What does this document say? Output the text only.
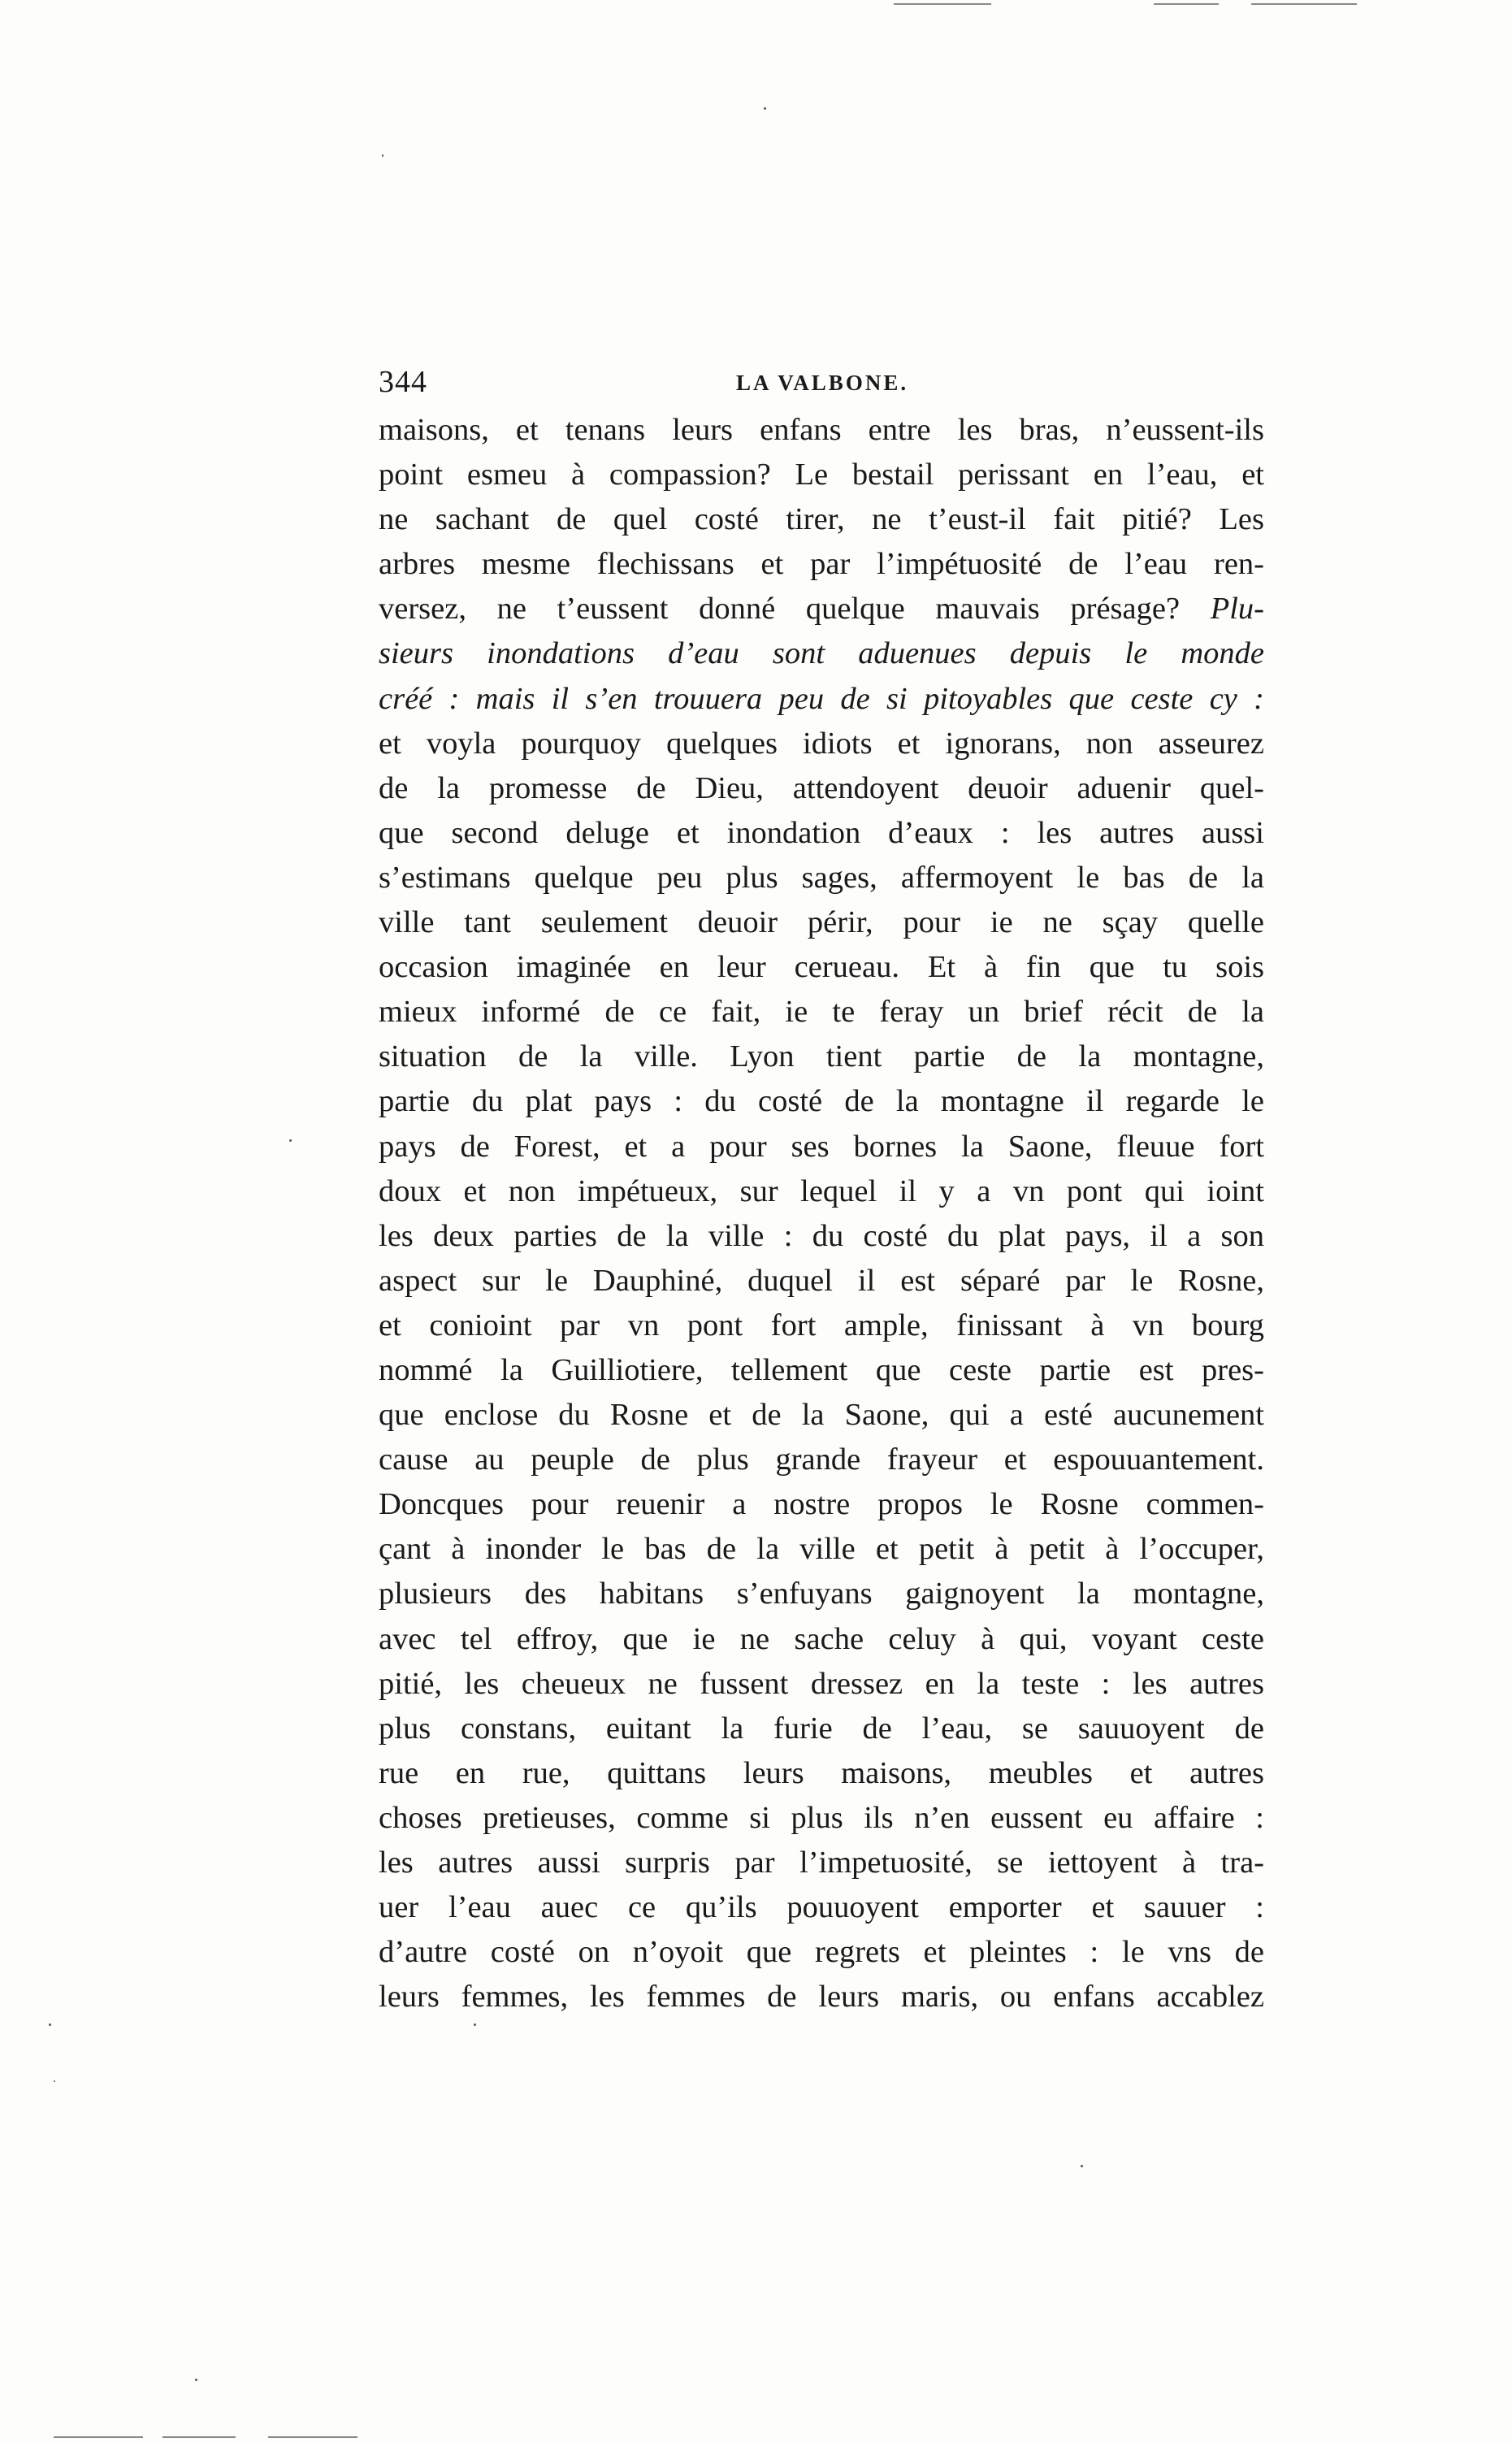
344	LA VALBONE.
maisons, et tenans leurs enfans entre les bras, n’eussent-ils
point esmeu à compassion? Le bestail perissant en l’eau, et
ne sachant de quel costé tirer, ne t’eust-il fait pitié? Les
arbres mesme flechissans et par l’impétuosité de l’eau ren-
versez, ne t’eussent donné quelque mauvais présage? Plu-
sieurs inondations d’eau sont aduenues depuis le monde
créé : mais il s’en trouuera peu de si pitoyables que ceste cy :
et voyla pourquoy quelques idiots et ignorans, non asseurez
de la promesse de Dieu, attendoyent deuoir aduenir quel-
que second deluge et inondation d’eaux : les autres aussi
s’estimans quelque peu plus sages, affermoyent le bas de la
ville tant seulement deuoir périr, pour ie ne sçay quelle
occasion imaginée en leur cerueau. Et à fin que tu sois
mieux informé de ce fait, ie te feray un brief récit de la
situation de la ville. Lyon tient partie de la montagne,
partie du plat pays : du costé de la montagne il regarde le
pays de Forest, et a pour ses bornes la Saone, fleuue fort
doux et non impétueux, sur lequel il y a vn pont qui ioint
les deux parties de la ville : du costé du plat pays, il a son
aspect sur le Dauphiné, duquel il est séparé par le Rosne,
et conioint par vn pont fort ample, finissant à vn bourg
nommé la Guilliotiere, tellement que ceste partie est pres-
que enclose du Rosne et de la Saone, qui a esté aucunement
cause au peuple de plus grande frayeur et espouuantement.
Doncques pour reuenir a nostre propos le Rosne commen-
çant à inonder le bas de la ville et petit à petit à l’occuper,
plusieurs des habitans s’enfuyans gaignoyent la montagne,
avec tel effroy, que ie ne sache celuy à qui, voyant ceste
pitié, les cheueux ne fussent dressez en la teste : les autres
plus constans, euitant la furie de l’eau, se sauuoyent de
rue en rue, quittans leurs maisons, meubles et autres
choses pretieuses, comme si plus ils n’en eussent eu affaire :
les autres aussi surpris par l’impetuosité, se iettoyent à tra-
uer l’eau auec ce qu’ils pouuoyent emporter et sauuer :
d’autre costé on n’oyoit que regrets et pleintes : le vns de
leurs femmes, les femmes de leurs maris, ou enfans accablez
